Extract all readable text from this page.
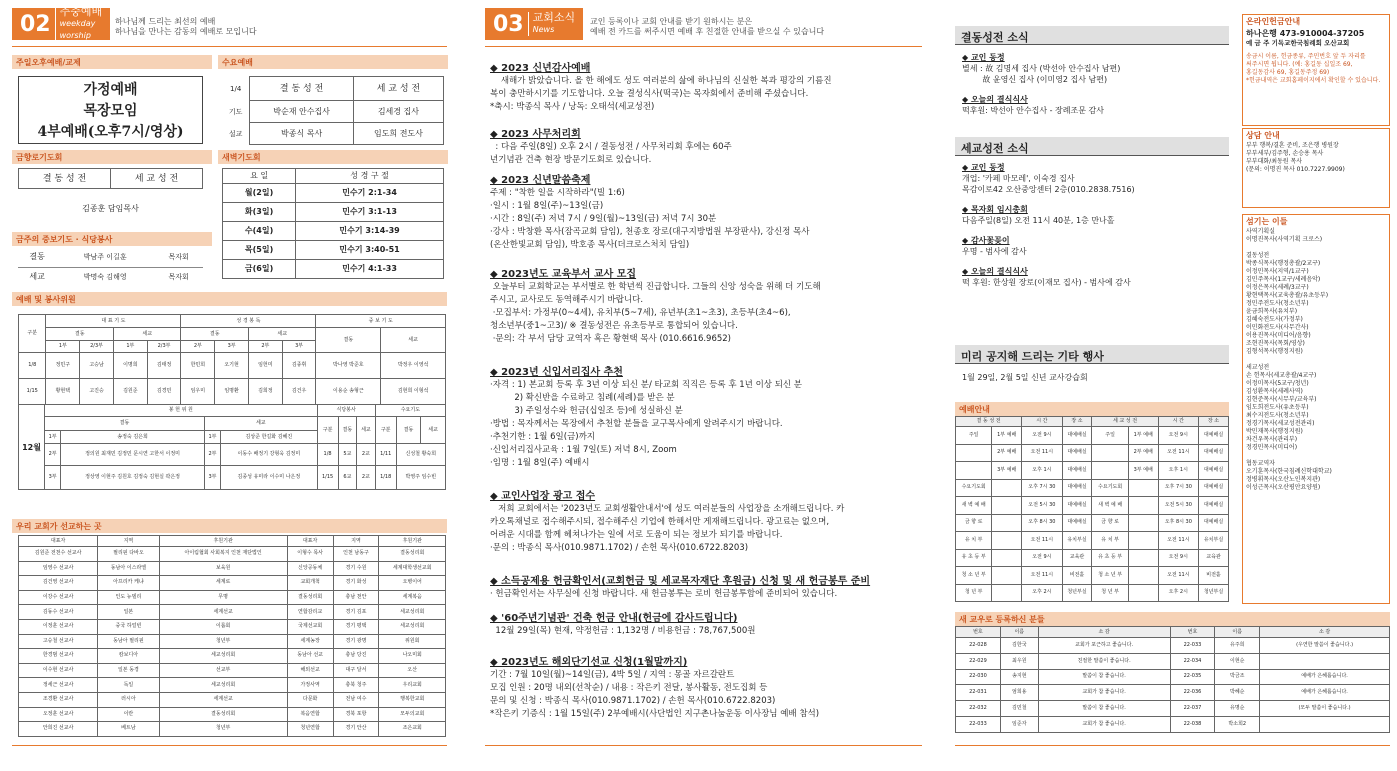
02 주중예배
weekday worship
하나님께 드리는 최선의 예배
하나님을 만나는 감동의 예배로 모입니다
주일오후예배/교제
가정예배
목장모임
4부예배(오후7시/영상)
수요예배
1/4	결 동 성 전	세 교 성 전
기도	박순재 안수집사	김세경 집사
설교	박종식 목사	임도희 전도사
금향로기도회
결 동 성 전	세 교 성 전
김종훈 담임목사
새벽기도회
요 일	성 경 구 절
월(2일)	민수기 2:1-34
화(3일)	민수기 3:1-13
수(4일)	민수기 3:14-39
목(5일)	민수기 3:40-51
금(6일)	민수기 4:1-33
금주의 중보기도 · 식당봉사
결동	박남주 이길훈	목자회
세교	박명숙 김해영	목자회
예배 및 봉사위원
구분	대 표 기 도				성 경 봉 독				중 보 기 도	
	결동		세교		결동		세교		결동	세교
	1부	2/3부	1부	2/3부	2부	3부	2부	3부		
1/8	정민구	고승남	이명희	김태정	한민희	오기현	임헌미	김종휘	박나영 박준호	박정우 이영석
1/15	황현택	고진승	김원준	김경민	임우미	임명환	김희정	김건우	이용순 송형근	김현희 이형석
12월	봉 헌 위 원				식당봉사			수요기도		
	결동		세교		구분	결동	세교	구분	결동	세교
	1부	송정숙 김은희	1부	김상준 한길화 김혜진						
	2부	정의원 최재민 김정민 문시연 고한서 이정미	2부	이동수 배정기 강형욱 김정미	1/8	5교	2교	1/11	신성철 황숙희	
	3부	정상영 이현주 김원호 김정숙 김현실 곽은정	3부	김종성 유미라 이수미 나은정	1/15	6교	2교	1/18	박영주 임수빈	
우리 교회가 선교하는 곳
대표자	지역	후원기관	대표자	지역	후원기관
김원준 전천수 선교사	필리핀 다바오	아이림협회 사회복지 인천 재단법인	이형수 목사	인천 남동구	결동성리회
임영수 선교사	동남아 이스라엘	보육원	신앙공동체	경기 수원	세계대학생선교회
김건영 선교사	아프리카 케냐	세계로	교회개척	경기 화성	오병이어
이강수 선교사	인도 뉴델리	무명	결동성리회	충남 천안	세계복음
김동수 선교사	일본	세계선교	연합감리교	경기 김포	세교성리회
이정훈 선교사	중국 하얼빈	이롭회	국제선교회	경기 평택	세교성리회
고승철 선교사	동남아 필리핀	청년부	세계농장	경기 광명	위원회
한경범 선교사	캄보디아	세교성리회	동남아 선교	충남 당진	나오미회
이수현 선교사	일본 동경	선교부	해외선교	대구 달서	오산
정세근 선교사	독일	세교성리회	가정사역	충북 청주	우리교회
조경환 선교사	러시아	세계선교	다문화	전남 여수	행복한교회
오정훈 선교사	이란	결동성리회	복음연합	경북 포항	모두의교회
안희진 선교사	베트남	청년부	청년연합	경기 안산	조은교회
03 교회소식
News
교인 등록이나 교회 안내를 받기 원하시는 분은
예배 전 카드를 써주시면 예배 후 친절한 안내를 받으실 수 있습니다
◆ 2023 신년감사예배
새해가 밝았습니다. 올 한 해에도 성도 여러분의 삶에 하나님의 신실한 복과 평강의 기름진
복이 충만하시기를 기도합니다. 오늘 결성식사(떡국)는 목자회에서 준비해 주셨습니다.
*축시: 박종식 목사 / 낭독: 오태석(세교성전)
◆ 2023 사무처리회
: 다음 주일(8일) 오후 2시 / 결동성전 / 사무처리회 후에는 60주
년기념관 건축 현장 방문기도회로 있습니다.
◆ 2023 신년말씀축제
주제 : "착한 일을 시작하라"(빌 1:6)
·일시 : 1월 8일(주)~13일(금)
·시간 : 8일(주) 저녁 7시 / 9일(월)~13일(금) 저녁 7시 30분
·강사 : 박창환 목사(잠곡교회 담임), 천종호 장로(대구지방법원 부장판사), 강신정 목사
(온산한빛교회 담임), 박호종 목사(더크로스처치 담임)
◆ 2023년도 교육부서 교사 모집
오늘부터 교회학교는 부서별로 한 학년씩 진급합니다. 그들의 신앙 성숙을 위해 더 기도해
주시고, 교사로도 동역해주시기 바랍니다.
·모집부서: 가정부(0~4세), 유치부(5~7세), 유년부(초1~초3), 초등부(초4~6),
청소년부(중1~고3)/ ※ 결동성전은 유초등부로 통합되어 있습니다.
·문의: 각 부서 담당 교역자 혹은 황현택 목사 (010.6616.9652)
◆ 2023년 신입서리집사 추천
·자격 : 1) 본교회 등록 후 3년 이상 되신 분/ 타교회 직직은 등록 후 1년 이상 되신 분
2) 확신반을 수료하고 침례(세례)를 받은 분
3) 주일성수와 헌금(십일조 등)에 성실하신 분
·방법 : 목자께서는 목장에서 추천할 분들을 교구목사에게 알려주시기 바랍니다.
·추천기한 : 1월 6일(금)까지
·신입서리집사교육 : 1월 7일(토) 저녁 8시, Zoom
·임명 : 1월 8일(주) 예배시
◆ 교인사업장 광고 접수
저희 교회에서는 '2023년도 교회생활안내서'에 성도 여러분들의 사업장을 소개해드립니다. 카
카오톡채널로 접수해주시되, 접수해주신 기업에 한해서만 게재해드립니다. 광고료는 없으며,
어려운 시대를 함께 헤쳐나가는 일에 서로 도움이 되는 정보가 되기를 바랍니다.
·문의 : 박종식 목사(010.9871.1702) / 손헌 목사(010.6722.8203)
◆ 소득공제용 헌금확인서(교회헌금 및 세교목자재단 후원금) 신청 및 새 헌금봉투 준비
· 헌금확인서는 사무실에 신청 바랍니다. 새 헌금봉투는 로비 헌금봉투함에 준비되어 있습니다.
◆ '60주년기념관' 건축 헌금 안내(헌금에 감사드립니다)
12월 29일(목) 현재, 약정헌금 : 1,132명 / 비용헌금 : 78,767,500원
◆ 2023년도 해외단기선교 신청(1월말까지)
기간 : 7월 10일(월)~14일(금), 4박 5일 / 지역 : 몽골 자르갈란트
모집 인원 : 20명 내외(선착순) / 내용 : 작은키 전달, 봉사활동, 전도집회 등
문의 및 신청 : 박종식 목사(010.9871.1702) / 손헌 목사(010.6722.8203)
*작은키 기증식 : 1월 15일(주) 2부예배시(사단법인 지구촌나눔운동 이사장님 예배 참석)
결동성전 소식
◆ 교인 동정
별세 : 故 김명세 집사 (박선아 안수집사 남편)
故 윤영신 집사 (이미영2 집사 남편)
◆ 오늘의 결식식사
떡후원: 박선아 안수집사 - 장례조문 감사
세교성전 소식
◆ 교인 동정
개업: '카페 마모레', 이숙경 집사
목감이로42 오산중앙센터 2층(010.2838.7516)
◆ 목자회 임시총회
다음주일(8일) 오전 11시 40분, 1층 만나홀
◆ 감사꽃꽂이
우명 - 범사에 감사
◆ 오늘의 결식식사
떡 후원: 한상원 장로(이재모 집사) - 범사에 감사
미리 공지해 드리는 기타 행사
1월 29일, 2월 5일 신년 교사강습회
예배안내
결 동 성 전		시 간	장 소	세 교 성 전		시 간	장 소
주일	1부 예배	오전 9시	대예배실	주일	1부 예배	오전 9시	대예배실
	2부 예배	오전 11시	대예배실		2부 예배	오전 11시	대예배실
	3부 예배	오후 1시	대예배실		3부 예배	오후 1시	대예배실
수요기도회		오후 7시 30	대예배실	수요기도회		오후 7시 30	대예배실
새 벽 예 배		오전 5시 30	대예배실	새 벽 예 배		오전 5시 30	대예배실
금 향 로		오후 8시 30	대예배실	금 향 로		오후 8시 30	대예배실
유 치 부		오전 11시	유치부실	유 치 부		오전 11시	유치부실
유 초 등 부		오전 9시	교육관	유 초 등 부		오전 9시	교육관
청 소 년 부		오전 11시	비전홀	청 소 년 부		오전 11시	비전홀
청 년 부		오후 2시	청년부실	청 년 부		오후 2시	청년부실
새 교우로 등록하신 분들
번호	이름	소 감	번호	이름	소 감
22-028	김한국	교회가 포근하고 좋습니다.	22-033	유주희	(우연한 말씀이 좋습니다.)
22-029	최우원	친절한 말씀이 좋습니다.	22-034	이현순	
22-030	송지현	말씀이 참 좋습니다.	22-035	박금조	예배가 은혜롭습니다.
22-031	엄희용	교회가 참 좋습니다.	22-036	박혜순	예배가 은혜롭습니다.
22-032	김민철	말씀이 참 좋습니다.	22-037	유명순	(모두 말씀이 좋습니다.)
22-033	임준자	교회가 참 좋습니다.	22-038	박소희2	
온라인헌금안내
하나은행 473-910004-37205
예 금 주 기독교한국침례회 오산교회
송금시 이름, 헌금종류, 주민번호 앞 두 자리를
써주시면 됩니다. (예: 홍길동 십일조 69,
홍길동감사 69, 홍길동주정 69)
*헌금내역은 교회홈페이지에서 확인할 수 있습니다.
상담 안내
부부 행복/결혼 준비, 조은행 병원장
부부세부/김주형, 손승용 목사
부부대화/최동원 목사
(문의: 이명진 목사 010.7227.9909)
섬기는 이들
사역기획실
이명진목사(사역기획 크로스)

결동성전
박종식목사(행정총괄/2교구)
이정민목사(지역/1교구)
김민주목사(1교구/세례음악)
이정은목사(세례/3교구)
황현택목사(교육총괄/유초등부)
정민주전도사(청소년부)
윤금희목사(유치부)
김혜숙전도사(가정부)
이민화전도사(사무간사)
이용진목사(미디어/음향)
조현진목사(목회/영상)
김형석목사(행정지원)

세교성전
손 헌목사(세교총괄/4교구)
이정미목사(5교구/청년)
김성환목사(세례사역)
김현준목사(시무부/교육부)
임도희전도사(유초등부)
최수지전도사(청소년부)
정경기목사(세교성전관리)
박민재목사(행정지원)
차건우목사(관리부)
정경민목사(미디어)

협동교역자
오기훈목사(한국침례신학대학교)
정병휘목사(오산노인복지관)
이성근목사(오산평안요양원)
